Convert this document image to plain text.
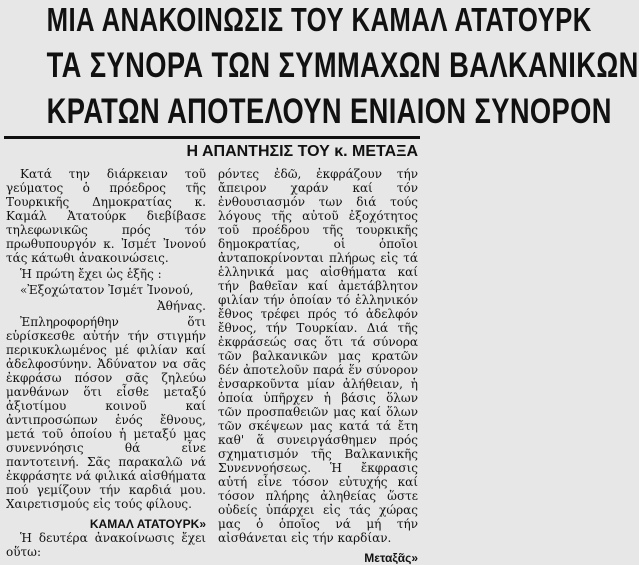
ΜΙΑ ΑΝΑΚΟΙΝΩΣΙΣ ΤΟΥ ΚΑΜΑΛ ΑΤΑΤΟΥΡΚ
ΤΑ ΣΥΝΟΡΑ ΤΩΝ ΣΥΜΜΑΧΩΝ ΒΑΛΚΑΝΙΚΩΝ
ΚΡΑΤΩΝ ΑΠΟΤΕΛΟΥΝ ΕΝΙΑΙΟΝ ΣΥΝΟΡΟΝ
Η ΑΠΑΝΤΗΣΙΣ ΤΟΥ κ. ΜΕΤΑΞΑ

Κατά την διάρκειαν τοῦ γεύματος ὁ πρόεδρος τῆς Τουρκικῆς Δημοκρατίας κ. Καμάλ Ἀτατούρκ διεβίβασε τηλεφωνικῶς πρός τόν πρωθυπουργόν κ. Ἰσμέτ Ἰνονού τάς κάτωθι ἀνακοινώσεις.

Ἡ πρώτη ἔχει ὡς ἑξῆς :

«Ἐξοχώτατον Ἰσμέτ Ἰνονού,

Ἀθήνας.

Ἐπληροφορήθην ὅτι εὑρίσκεσθε αὐτήν τήν στιγμήν περικυκλωμένος μέ φιλίαν καί ἀδελφοσύνην. Ἀδύνατον να σᾶς ἐκφράσω πόσον σᾶς ζηλεύω μανθάνων ὅτι εἶσθε μεταξύ ἀξιοτίμου κοινοῦ καί ἀντιπροσώπων ἑνός ἔθνους, μετά τοῦ ὁποίου ἡ μεταξύ μας συνεννόησις θά εἶνε παντοτεινή. Σᾶς παρακαλῶ νά ἐκφράσητε νά φιλικά αἰσθήματα πού γεμίζουν τήν καρδιά μου. Χαιρετισμούς εἰς τούς φίλους.

ΚΑΜΑΛ ΑΤΑΤΟΥΡΚ»

Ἡ δευτέρα ἀνακοίνωσις ἔχει οὕτω:

ρόντες ἐδῶ, ἐκφράζουν τήν ἄπειρον χαράν καί τόν ἐνθουσιασμόν των διά τούς λόγους τῆς αὐτοῦ ἐξοχότητος τοῦ προέδρου τῆς τουρκικῆς δημοκρατίας, οἱ ὁποῖοι ἀνταποκρίνονται πλήρως εἰς τά ἑλληνικά μας αἰσθήματα καί τήν βαθεῖαν καί ἀμετάβλητον φιλίαν τήν ὁποίαν τό ἑλληνικόν ἔθνος τρέφει πρός τό ἀδελφόν ἔθνος, τήν Τουρκίαν. Διά τῆς ἐκφράσεώς σας ὅτι τά σύνορα τῶν βαλκανικῶν μας κρατῶν δέν ἀποτελοῦν παρά ἕν σύνορον ἐνσαρκοῦντα μίαν ἀλήθειαν, ἡ ὁποία ὑπῆρχεν ἡ βάσις ὅλων τῶν προσπαθειῶν μας καί ὅλων τῶν σκέψεων μας κατά τά ἔτη καθ' ἅ συνειργάσθημεν πρός σχηματισμόν τῆς Βαλκανικῆς Συνεννοήσεως. Ἡ ἔκφρασις αὐτή εἶνε τόσον εὐτυχής καί τόσον πλήρης ἀληθείας ὥστε οὐδείς ὑπάρχει εἰς τάς χώρας μας ὁ ὁποῖος νά μή τήν αἰσθάνεται εἰς τήν καρδίαν.

Μεταξᾶς»
